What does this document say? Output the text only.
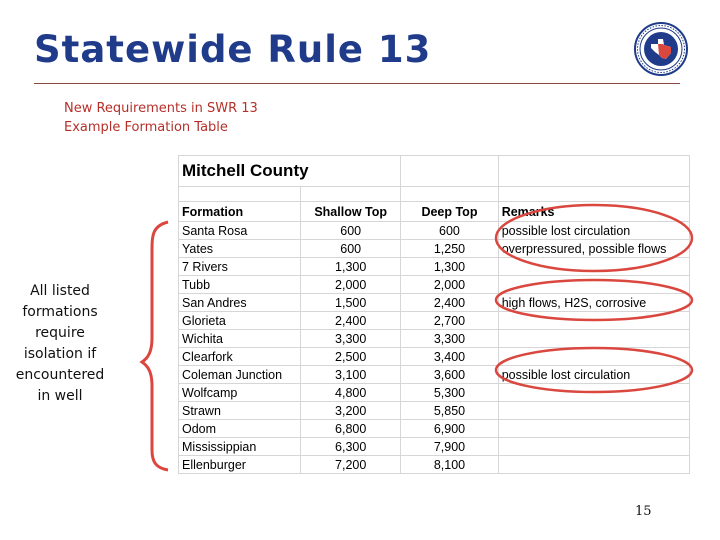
Statewide Rule 13
New Requirements in SWR 13
Example Formation Table
All listed formations require isolation if encountered in well
Mitchell County			

Formation	Shallow Top	Deep Top	Remarks
Santa Rosa	600	600	possible lost circulation
Yates	600	1,250	overpressured, possible flows
7 Rivers	1,300	1,300	
Tubb	2,000	2,000	
San Andres	1,500	2,400	high flows, H2S, corrosive
Glorieta	2,400	2,700	
Wichita	3,300	3,300	
Clearfork	2,500	3,400	
Coleman Junction	3,100	3,600	possible lost circulation
Wolfcamp	4,800	5,300	
Strawn	3,200	5,850	
Odom	6,800	6,900	
Mississippian	6,300	7,900	
Ellenburger	7,200	8,100	
15
